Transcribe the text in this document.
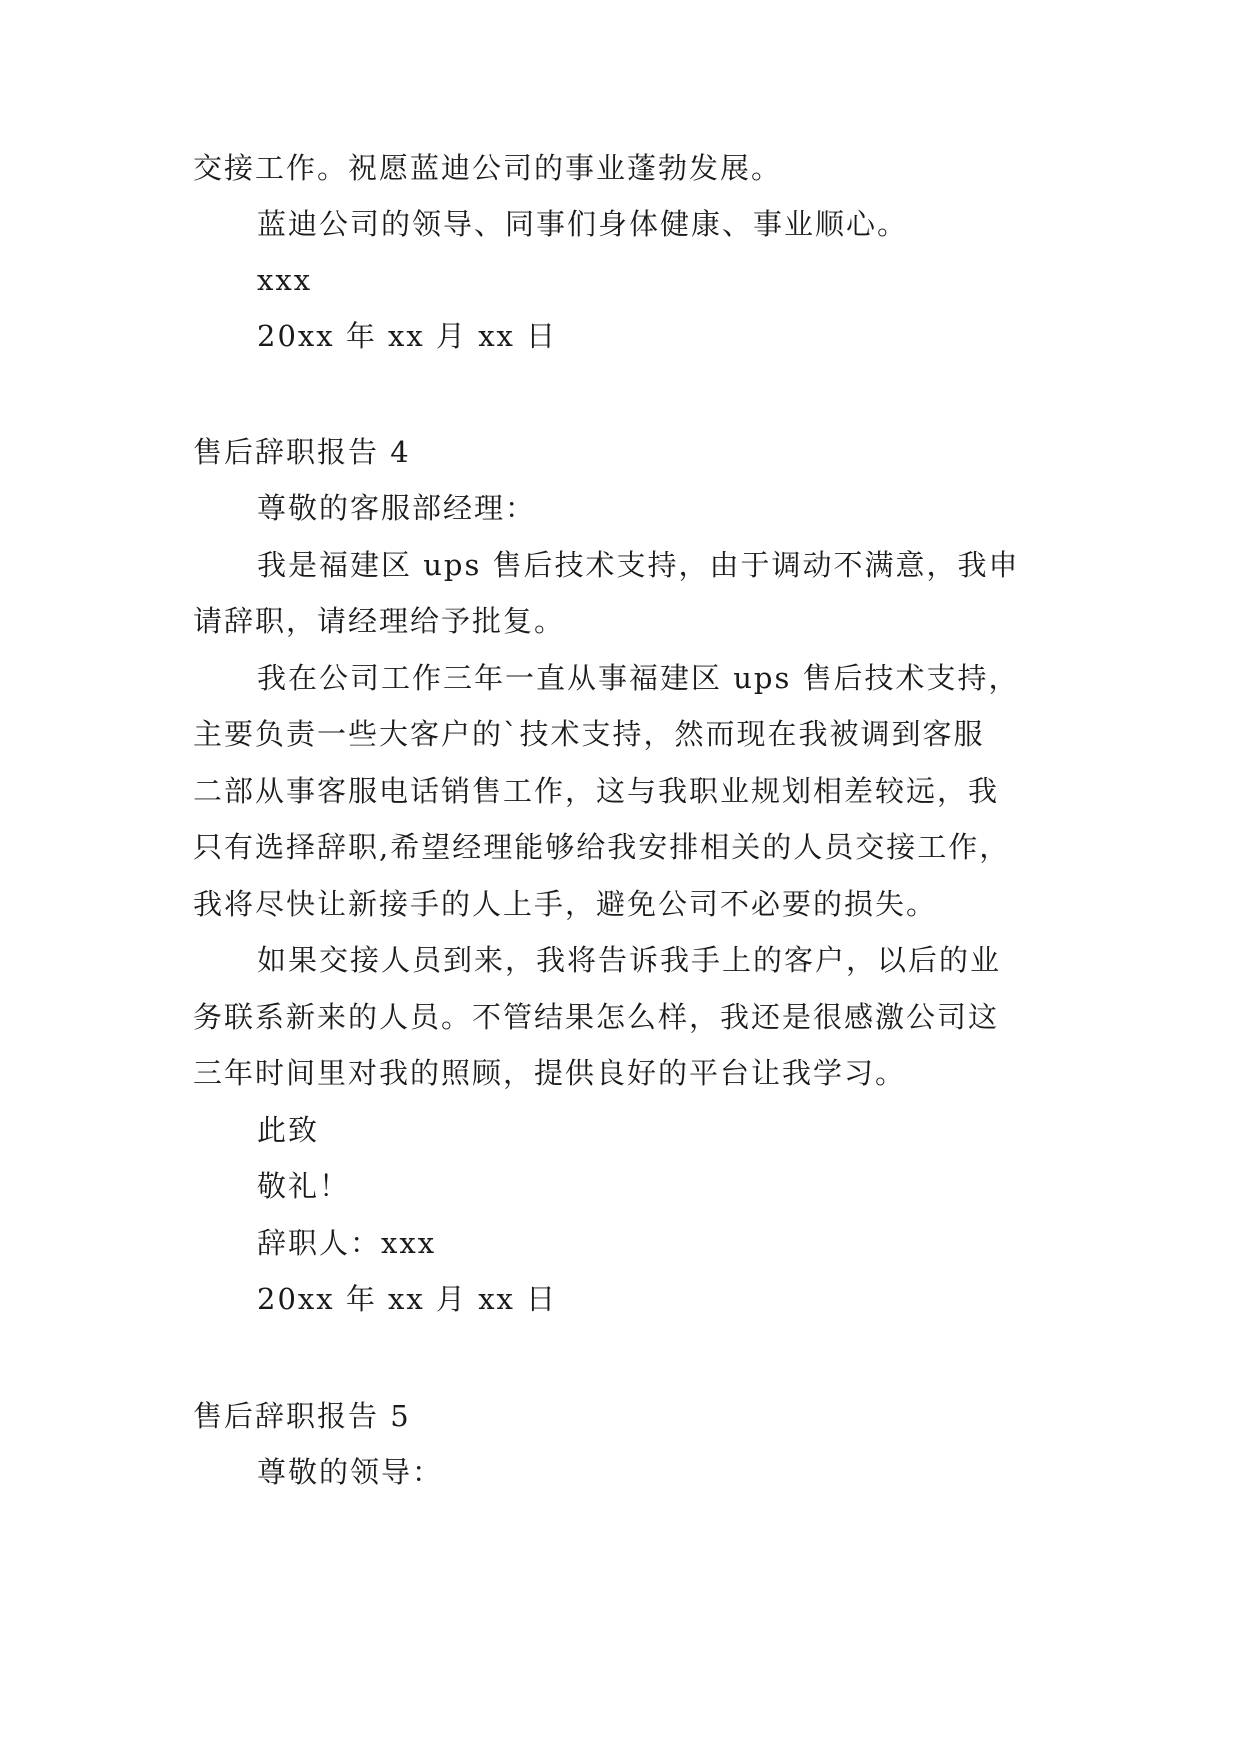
交接工作。祝愿蓝迪公司的事业蓬勃发展。
蓝迪公司的领导、同事们身体健康、事业顺心。
xxx
20xx 年 xx 月 xx 日
售后辞职报告 4
尊敬的客服部经理：
我是福建区 ups 售后技术支持，由于调动不满意，我申
请辞职，请经理给予批复。
我在公司工作三年一直从事福建区 ups 售后技术支持，
主要负责一些大客户的`技术支持，然而现在我被调到客服
二部从事客服电话销售工作，这与我职业规划相差较远，我
只有选择辞职,希望经理能够给我安排相关的人员交接工作，
我将尽快让新接手的人上手，避免公司不必要的损失。
如果交接人员到来，我将告诉我手上的客户，以后的业
务联系新来的人员。不管结果怎么样，我还是很感激公司这
三年时间里对我的照顾，提供良好的平台让我学习。
此致
敬礼！
辞职人：xxx
20xx 年 xx 月 xx 日
售后辞职报告 5
尊敬的领导：
